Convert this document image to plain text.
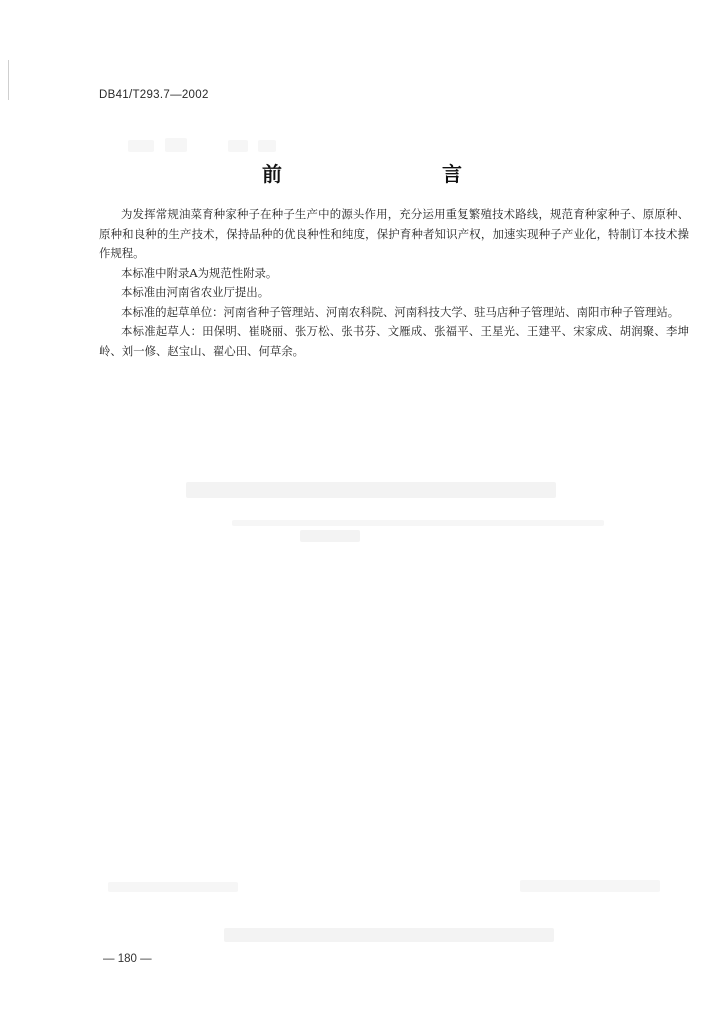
DB41/T293.7—2002
前　言

为发挥常规油菜育种家种子在种子生产中的源头作用，充分运用重复繁殖技术路线，规范育种家种子、原原种、原种和良种的生产技术，保持品种的优良种性和纯度，保护育种者知识产权，加速实现种子产业化，特制订本技术操作规程。

本标准中附录A为规范性附录。

本标准由河南省农业厅提出。

本标准的起草单位：河南省种子管理站、河南农科院、河南科技大学、驻马店种子管理站、南阳市种子管理站。

本标准起草人：田保明、崔晓丽、张万松、张书芬、文雁成、张福平、王星光、王建平、宋家成、胡润聚、李坤岭、刘一修、赵宝山、翟心田、何草余。

— 180 —
